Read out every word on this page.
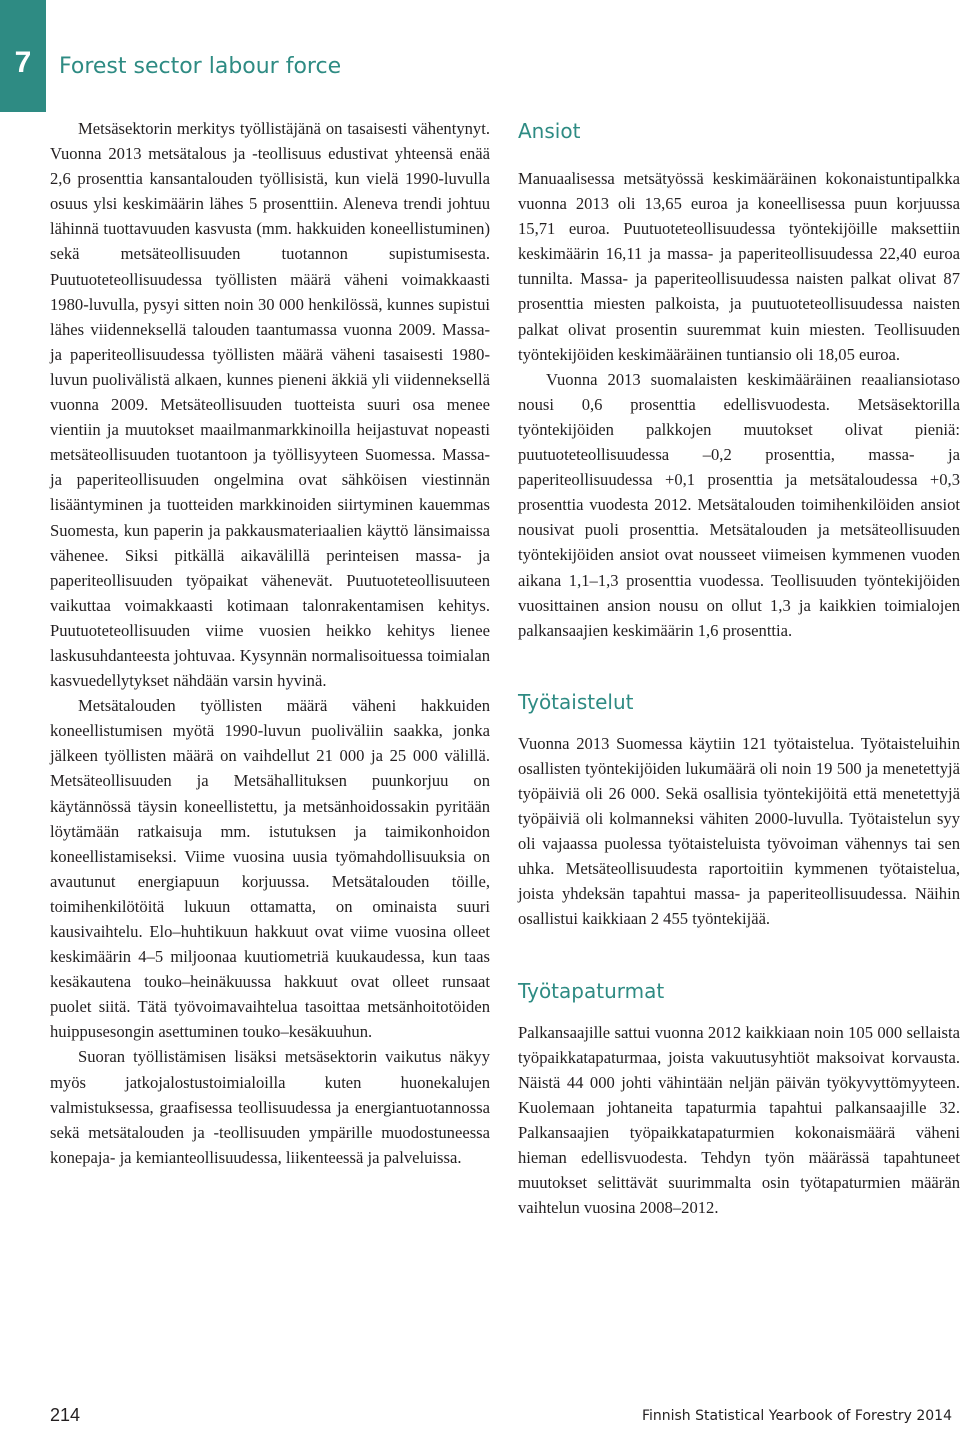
7	Forest sector labour force

Metsäsektorin merkitys työllistäjänä on tasaisesti vähentynyt. Vuonna 2013 metsätalous ja -teollisuus edustivat yhteensä enää 2,6 prosenttia kansantalouden työllisistä, kun vielä 1990-luvulla osuus ylsi keskimäärin lähes 5 prosenttiin. Aleneva trendi johtuu lähinnä tuottavuuden kasvusta (mm. hakkuiden koneellistuminen) sekä metsäteollisuuden tuotannon supistumisesta. Puutuoteteollisuudessa työllisten määrä väheni voimakkaasti 1980-luvulla, pysyi sitten noin 30 000 henkilössä, kunnes supistui lähes viidenneksellä talouden taantumassa vuonna 2009. Massa- ja paperiteollisuudessa työllisten määrä väheni tasaisesti 1980-luvun puolivälistä alkaen, kunnes pieneni äkkiä yli viidenneksellä vuonna 2009. Metsäteollisuuden tuotteista suuri osa menee vientiin ja muutokset maailmanmarkkinoilla heijastuvat nopeasti metsäteollisuuden tuotantoon ja työllisyyteen Suomessa. Massa- ja paperiteollisuuden ongelmina ovat sähköisen viestinnän lisääntyminen ja tuotteiden markkinoiden siirtyminen kauemmas Suomesta, kun paperin ja pakkausmateriaalien käyttö länsimaissa vähenee. Siksi pitkällä aikavälillä perinteisen massa- ja paperiteollisuuden työpaikat vähenevät. Puutuoteteollisuuteen vaikuttaa voimakkaasti kotimaan talonrakentamisen kehitys. Puutuoteteollisuuden viime vuosien heikko kehitys lienee laskusuhdanteesta johtuvaa. Kysynnän normalisoituessa toimialan kasvuedellytykset nähdään varsin hyvinä.

Metsätalouden työllisten määrä väheni hakkuiden koneellistumisen myötä 1990-luvun puoliväliin saakka, jonka jälkeen työllisten määrä on vaihdellut 21 000 ja 25 000 välillä. Metsäteollisuuden ja Metsähallituksen puunkorjuu on käytännössä täysin koneellistettu, ja metsänhoidossakin pyritään löytämään ratkaisuja mm. istutuksen ja taimikonhoidon koneellistamiseksi. Viime vuosina uusia työmahdollisuuksia on avautunut energiapuun korjuussa. Metsätalouden töille, toimihenkilötöitä lukuun ottamatta, on ominaista suuri kausivaihtelu. Elo–huhtikuun hakkuut ovat viime vuosina olleet keskimäärin 4–5 miljoonaa kuutiometriä kuukaudessa, kun taas kesäkautena touko–heinäkuussa hakkuut ovat olleet runsaat puolet siitä. Tätä työvoimavaihtelua tasoittaa metsänhoitotöiden huippusesongin asettuminen touko–kesäkuuhun.

Suoran työllistämisen lisäksi metsäsektorin vaikutus näkyy myös jatkojalostustoimialoilla kuten huonekalujen valmistuksessa, graafisessa teollisuudessa ja energiantuotannossa sekä metsätalouden ja -teollisuuden ympärille muodostuneessa konepaja- ja kemianteollisuudessa, liikenteessä ja palveluissa.

Ansiot

Manuaalisessa metsätyössä keskimääräinen kokonaistuntipalkka vuonna 2013 oli 13,65 euroa ja koneellisessa puun korjuussa 15,71 euroa. Puutuoteteollisuudessa työntekijöille maksettiin keskimäärin 16,11 ja massa- ja paperiteollisuudessa 22,40 euroa tunnilta. Massa- ja paperiteollisuudessa naisten palkat olivat 87 prosenttia miesten palkoista, ja puutuoteteollisuudessa naisten palkat olivat prosentin suuremmat kuin miesten. Teollisuuden työntekijöiden keskimääräinen tuntiansio oli 18,05 euroa.

Vuonna 2013 suomalaisten keskimääräinen reaaliansiotaso nousi 0,6 prosenttia edellisvuodesta. Metsäsektorilla työntekijöiden palkkojen muutokset olivat pieniä: puutuoteteollisuudessa –0,2 prosenttia, massa- ja paperiteollisuudessa +0,1 prosenttia ja metsätaloudessa +0,3 prosenttia vuodesta 2012. Metsätalouden toimihenkilöiden ansiot nousivat puoli prosenttia. Metsätalouden ja metsäteollisuuden työntekijöiden ansiot ovat nousseet viimeisen kymmenen vuoden aikana 1,1–1,3 prosenttia vuodessa. Teollisuuden työntekijöiden vuosittainen ansion nousu on ollut 1,3 ja kaikkien toimialojen palkansaajien keskimäärin 1,6 prosenttia.

Työtaistelut

Vuonna 2013 Suomessa käytiin 121 työtaistelua. Työtaisteluihin osallisten työntekijöiden lukumäärä oli noin 19 500 ja menetettyjä työpäiviä oli 26 000. Sekä osallisia työntekijöitä että menetettyjä työpäiviä oli kolmanneksi vähiten 2000-luvulla. Työtaistelun syy oli vajaassa puolessa työtaisteluista työvoiman vähennys tai sen uhka. Metsäteollisuudesta raportoitiin kymmenen työtaistelua, joista yhdeksän tapahtui massa- ja paperiteollisuudessa. Näihin osallistui kaikkiaan 2 455 työntekijää.

Työtapaturmat

Palkansaajille sattui vuonna 2012 kaikkiaan noin 105 000 sellaista työpaikkatapaturmaa, joista vakuutusyhtiöt maksoivat korvausta. Näistä 44 000 johti vähintään neljän päivän työkyvyttömyyteen. Kuolemaan johtaneita tapaturmia tapahtui palkansaajille 32. Palkansaajien työpaikkatapaturmien kokonaismäärä väheni hieman edellisvuodesta. Tehdyn työn määrässä tapahtuneet muutokset selittävät suurimmalta osin työtapaturmien määrän vaihtelun vuosina 2008–2012.

214	Finnish Statistical Yearbook of Forestry 2014
